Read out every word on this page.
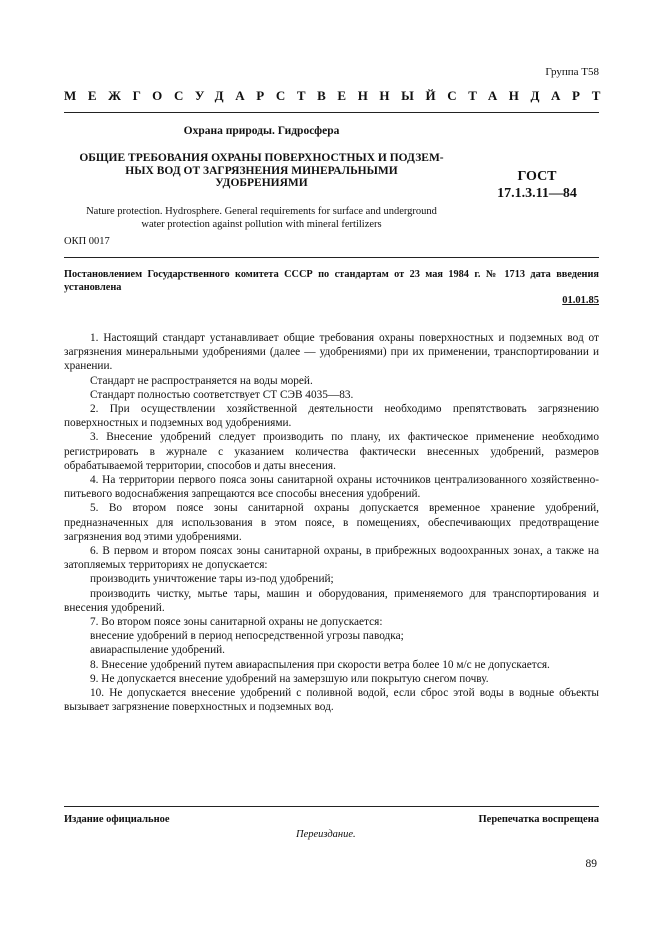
Группа Т58
МЕЖГОСУДАРСТВЕННЫЙ СТАНДАРТ
Охрана природы. Гидросфера
ОБЩИЕ ТРЕБОВАНИЯ ОХРАНЫ ПОВЕРХНОСТНЫХ И ПОДЗЕМ-
НЫХ ВОД ОТ ЗАГРЯЗНЕНИЯ МИНЕРАЛЬНЫМИ
УДОБРЕНИЯМИ	ГОСТ
17.1.3.11—84
Nature protection. Hydrosphere. General requirements for surface and underground
water protection against pollution with mineral fertilizers
ОКП 0017
Постановлением Государственного комитета СССР по стандартам от 23 мая 1984 г. № 1713 дата введения установлена
01.01.85

1. Настоящий стандарт устанавливает общие требования охраны поверхностных и подземных вод от загрязнения минеральными удобрениями (далее — удобрениями) при их применении, транспортировании и хранении.

Стандарт не распространяется на воды морей.

Стандарт полностью соответствует СТ СЭВ 4035—83.

2. При осуществлении хозяйственной деятельности необходимо препятствовать загрязнению поверхностных и подземных вод удобрениями.

3. Внесение удобрений следует производить по плану, их фактическое применение необходимо регистрировать в журнале с указанием количества фактически внесенных удобрений, размеров обрабатываемой территории, способов и даты внесения.

4. На территории первого пояса зоны санитарной охраны источников централизованного хозяйственно-питьевого водоснабжения запрещаются все способы внесения удобрений.

5. Во втором поясе зоны санитарной охраны допускается временное хранение удобрений, предназначенных для использования в этом поясе, в помещениях, обеспечивающих предотвращение загрязнения вод этими удобрениями.

6. В первом и втором поясах зоны санитарной охраны, в прибрежных водоохранных зонах, а также на затопляемых территориях не допускается:

производить уничтожение тары из-под удобрений;

производить чистку, мытье тары, машин и оборудования, применяемого для транспортирования и внесения удобрений.

7. Во втором поясе зоны санитарной охраны не допускается:

внесение удобрений в период непосредственной угрозы паводка;

авиараспыление удобрений.

8. Внесение удобрений путем авиараспыления при скорости ветра более 10 м/с не допускается.

9. Не допускается внесение удобрений на замерзшую или покрытую снегом почву.

10. Не допускается внесение удобрений с поливной водой, если сброс этой воды в водные объекты вызывает загрязнение поверхностных и подземных вод.

Издание официальное	Перепечатка воспрещена
Переиздание.
89
